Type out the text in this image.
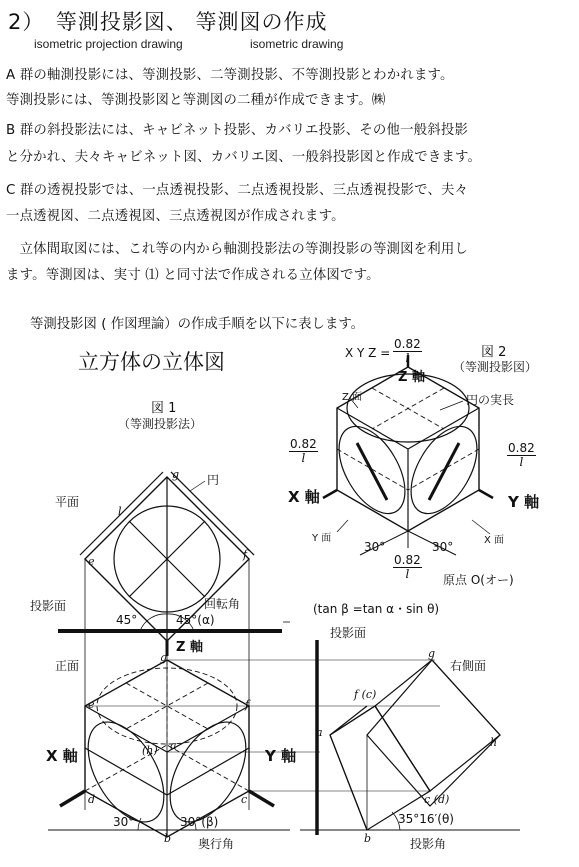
2）　等測投影図、 等測図の作成
isometric projection drawing	isometric drawing
A 群の軸測投影には、等測投影、二等測投影、不等測投影とわかれます。
等測投影には、等測投影図と等測図の二種が作成できます。㈱
B 群の斜投影法には、キャビネット投影、カバリエ投影、その他一般斜投影
と分かれ、夫々キャビネット図、カバリエ図、一般斜投影図と作成できます。
C 群の透視投影では、一点透視投影、二点透視投影、三点透視投影で、夫々
一点透視図、二点透視図、三点透視図が作成されます。
　立体間取図には、これ等の内から軸測投影法の等測投影の等測図を利用し
ます。等測図は、実寸 ⑴ と同寸法で作成される立体図です。
等測投影図 ( 作図理論）の作成手順を以下に表します。
立方体の立体図
図 1
（等測投影法）
平面
円
投影面	回転角
45°	45°(α)
正面
Z 軸
X 軸	Y 軸
30°	30°(β)
奥行角
g
e
f
l
g
e	f
(h) a
d	c
b
X Y $Z = \frac{0.82}{l}$	図 2
（等測投影図）
Z 軸
Z 面	円の実長
$\frac{0.82}{l}$	$\frac{0.82}{l}$
X 軸	Y 軸
Y 面	X 面
30°	30°
$\frac{0.82}{l}$ 原点 O(オー)
(tan β =tan α・sin θ)
投影面
右側面
g
f (c)
a
h
c (d)
b
35°16′(θ)
投影角
